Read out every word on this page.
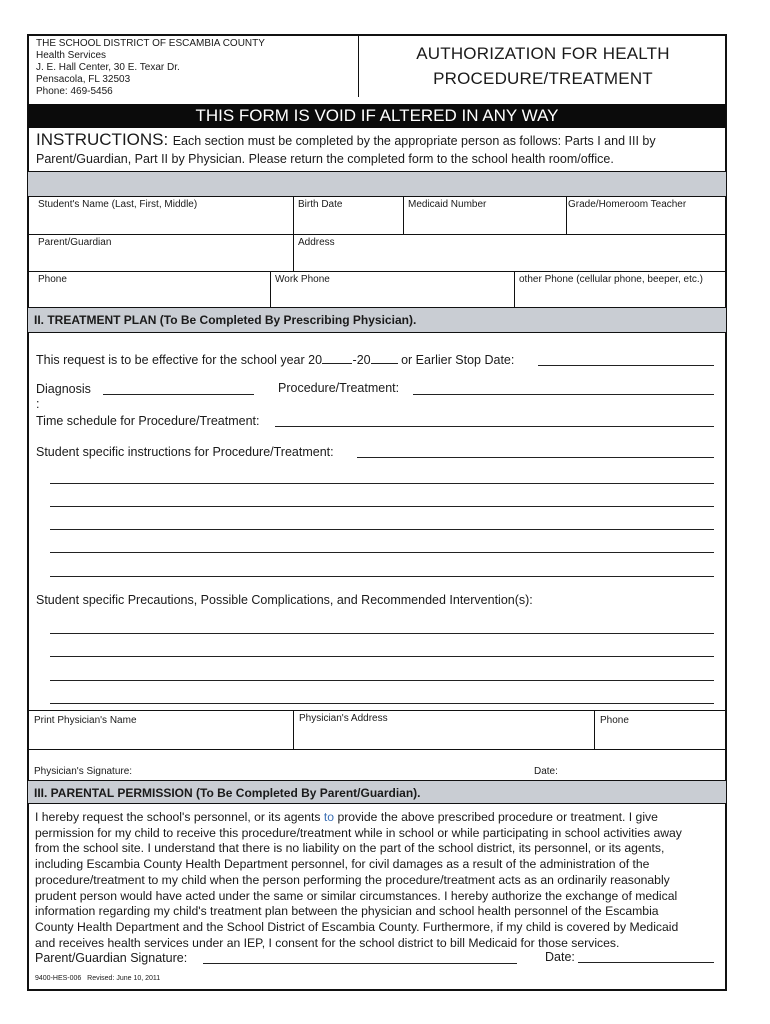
THE SCHOOL DISTRICT OF ESCAMBIA COUNTY
Health Services
J. E. Hall Center, 30 E. Texar Dr.
Pensacola, FL 32503
Phone: 469-5456
AUTHORIZATION FOR HEALTH
PROCEDURE/TREATMENT
THIS FORM IS VOID IF ALTERED IN ANY WAY
INSTRUCTIONS: Each section must be completed by the appropriate person as follows: Parts I and III by
Parent/Guardian, Part II by Physician. Please return the completed form to the school health room/office.
Student's Name (Last, First, Middle)	Birth Date	Medicaid Number	Grade/Homeroom Teacher
Parent/Guardian	Address
Phone	Work Phone	other Phone (cellular phone, beeper, etc.)
II. TREATMENT PLAN (To Be Completed By Prescribing Physician).
This request is to be effective for the school year 20 -20 or Earlier Stop Date:
Diagnosis
:
Procedure/Treatment:
Time schedule for Procedure/Treatment:
Student specific instructions for Procedure/Treatment:
Student specific Precautions, Possible Complications, and Recommended Intervention(s):
Print Physician's Name	Physician's Address	Phone
Physician's Signature:	Date:
III. PARENTAL PERMISSION (To Be Completed By Parent/Guardian).

I hereby request the school's personnel, or its agents to provide the above prescribed procedure or treatment. I give

permission for my child to receive this procedure/treatment while in school or while participating in school activities away

from the school site. I understand that there is no liability on the part of the school district, its personnel, or its agents,

including Escambia County Health Department personnel, for civil damages as a result of the administration of the

procedure/treatment to my child when the person performing the procedure/treatment acts as an ordinarily reasonably

prudent person would have acted under the same or similar circumstances. I hereby authorize the exchange of medical

information regarding my child's treatment plan between the physician and school health personnel of the Escambia

County Health Department and the School District of Escambia County. Furthermore, if my child is covered by Medicaid

and receives health services under an IEP, I consent for the school district to bill Medicaid for those services.

Parent/Guardian Signature:	Date:
9400-HES-006   Revised: June 10, 2011
